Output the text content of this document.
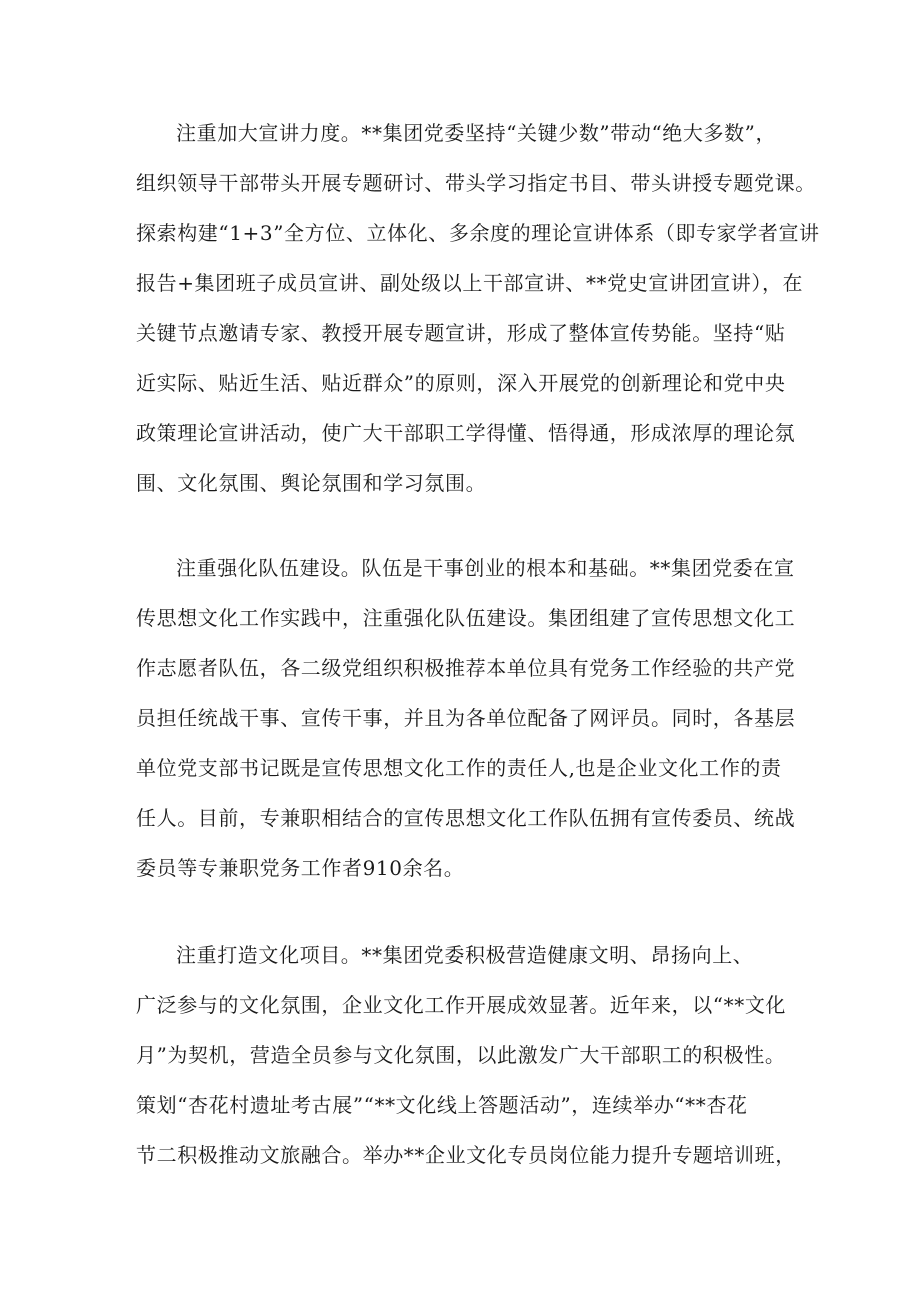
注重加大宣讲力度。**集团党委坚持“关键少数”带动“绝大多数”，
组织领导干部带头开展专题研讨、带头学习指定书目、带头讲授专题党课。
探索构建“1+3”全方位、立体化、多余度的理论宣讲体系（即专家学者宣讲
报告+集团班子成员宣讲、副处级以上干部宣讲、**党史宣讲团宣讲），在
关键节点邀请专家、教授开展专题宣讲，形成了整体宣传势能。坚持“贴
近实际、贴近生活、贴近群众”的原则，深入开展党的创新理论和党中央
政策理论宣讲活动，使广大干部职工学得懂、悟得通，形成浓厚的理论氛
围、文化氛围、舆论氛围和学习氛围。
注重强化队伍建设。队伍是干事创业的根本和基础。**集团党委在宣
传思想文化工作实践中，注重强化队伍建设。集团组建了宣传思想文化工
作志愿者队伍，各二级党组织积极推荐本单位具有党务工作经验的共产党
员担任统战干事、宣传干事，并且为各单位配备了网评员。同时，各基层
单位党支部书记既是宣传思想文化工作的责任人,也是企业文化工作的责
任人。目前，专兼职相结合的宣传思想文化工作队伍拥有宣传委员、统战
委员等专兼职党务工作者910余名。
注重打造文化项目。**集团党委积极营造健康文明、昂扬向上、
广泛参与的文化氛围，企业文化工作开展成效显著。近年来，以“**文化
月”为契机，营造全员参与文化氛围，以此激发广大干部职工的积极性。
策划“杏花村遗址考古展”“**文化线上答题活动”，连续举办“**杏花
节二积极推动文旅融合。举办**企业文化专员岗位能力提升专题培训班，
